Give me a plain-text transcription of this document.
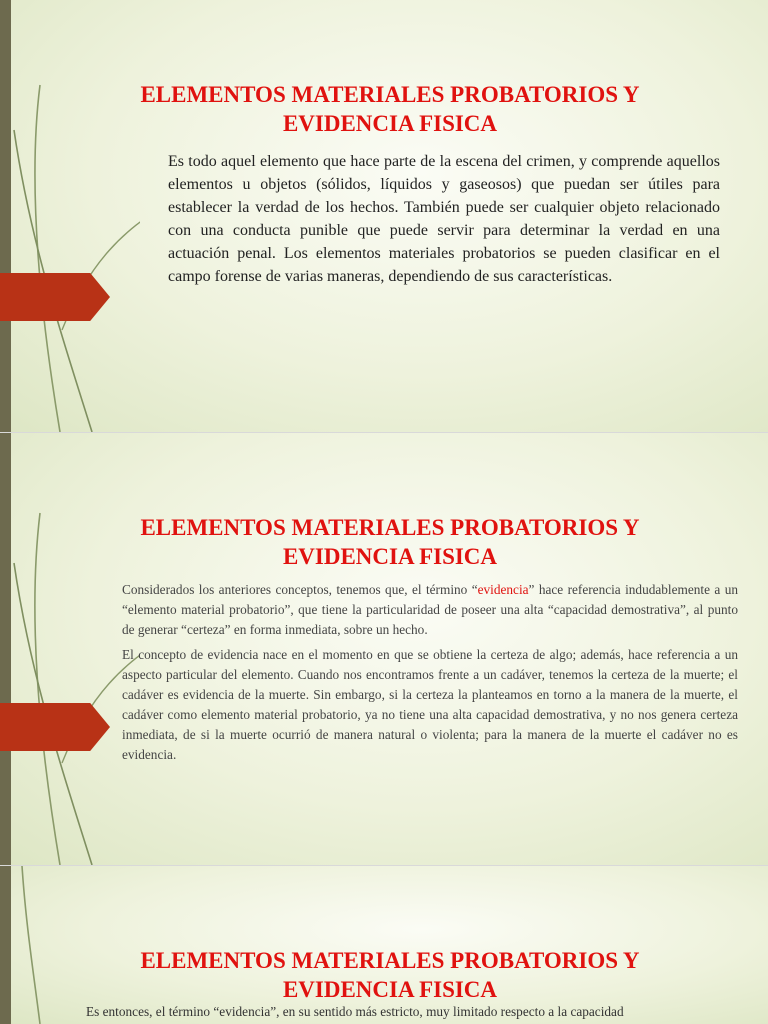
ELEMENTOS MATERIALES PROBATORIOS Y
EVIDENCIA FISICA
Es todo aquel elemento que hace parte de la escena del crimen, y comprende aquellos elementos u objetos (sólidos, líquidos y gaseosos) que puedan ser útiles para establecer la verdad de los hechos. También puede ser cualquier objeto relacionado con una conducta punible que puede servir para determinar la verdad en una actuación penal. Los elementos materiales probatorios se pueden clasificar en el campo forense de varias maneras, dependiendo de sus características.
ELEMENTOS MATERIALES PROBATORIOS Y
EVIDENCIA FISICA

Considerados los anteriores conceptos, tenemos que, el término “evidencia” hace referencia indudablemente a un “elemento material probatorio”, que tiene la particularidad de poseer una alta “capacidad demostrativa”, al punto de generar “certeza” en forma inmediata, sobre un hecho.

El concepto de evidencia nace en el momento en que se obtiene la certeza de algo; además, hace referencia a un aspecto particular del elemento. Cuando nos encontramos frente a un cadáver, tenemos la certeza de la muerte; el cadáver es evidencia de la muerte. Sin embargo, si la certeza la planteamos en torno a la manera de la muerte, el cadáver como elemento material probatorio, ya no tiene una alta capacidad demostrativa, y no nos genera certeza inmediata, de si la muerte ocurrió de manera natural o violenta; para la manera de la muerte el cadáver no es evidencia.

ELEMENTOS MATERIALES PROBATORIOS Y
EVIDENCIA FISICA
Es entonces, el término “evidencia”, en su sentido más estricto, muy limitado respecto a la capacidad
